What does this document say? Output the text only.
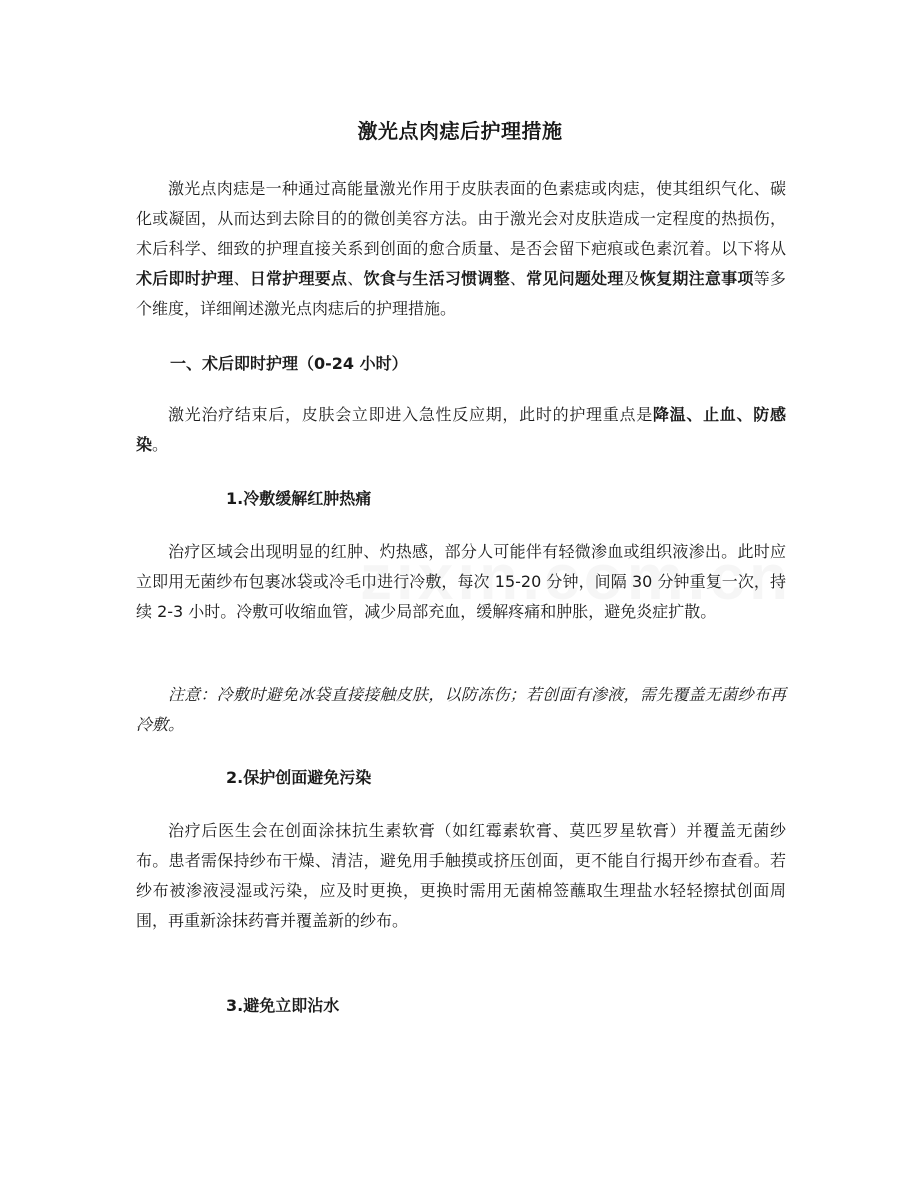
激光点肉痣后护理措施

激光点肉痣是一种通过高能量激光作用于皮肤表面的色素痣或肉痣，使其组织气化、碳化或凝固，从而达到去除目的的微创美容方法。由于激光会对皮肤造成一定程度的热损伤，术后科学、细致的护理直接关系到创面的愈合质量、是否会留下疤痕或色素沉着。以下将从术后即时护理、日常护理要点、饮食与生活习惯调整、常见问题处理及恢复期注意事项等多个维度，详细阐述激光点肉痣后的护理措施。

一、术后即时护理（0-24 小时）

激光治疗结束后，皮肤会立即进入急性反应期，此时的护理重点是降温、止血、防感染。

1.冷敷缓解红肿热痛

治疗区域会出现明显的红肿、灼热感，部分人可能伴有轻微渗血或组织液渗出。此时应立即用无菌纱布包裹冰袋或冷毛巾进行冷敷，每次 15-20 分钟，间隔 30 分钟重复一次，持续 2-3 小时。冷敷可收缩血管，减少局部充血，缓解疼痛和肿胀，避免炎症扩散。

注意：冷敷时避免冰袋直接接触皮肤，以防冻伤；若创面有渗液，需先覆盖无菌纱布再冷敷。

2.保护创面避免污染

治疗后医生会在创面涂抹抗生素软膏（如红霉素软膏、莫匹罗星软膏）并覆盖无菌纱布。患者需保持纱布干燥、清洁，避免用手触摸或挤压创面，更不能自行揭开纱布查看。若纱布被渗液浸湿或污染，应及时更换，更换时需用无菌棉签蘸取生理盐水轻轻擦拭创面周围，再重新涂抹药膏并覆盖新的纱布。

3.避免立即沾水
